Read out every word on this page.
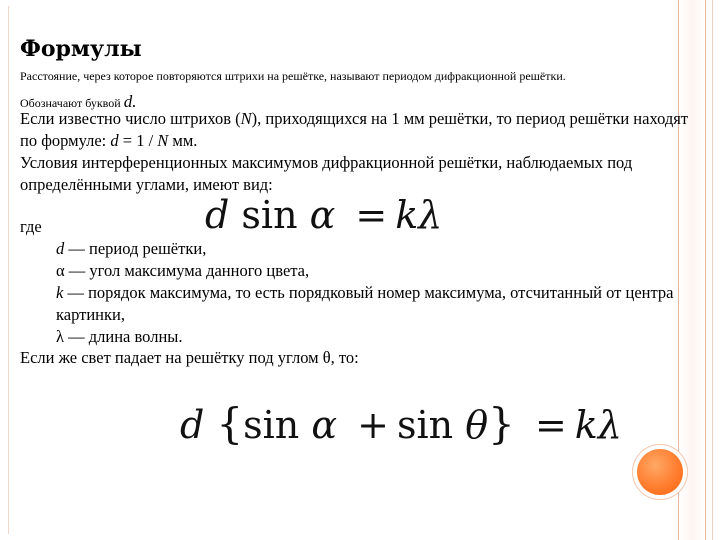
Формулы
Расстояние, через которое повторяются штрихи на решётке, называют периодом дифракционной решётки.
Обозначают буквой d.
Если известно число штрихов (N), приходящихся на 1 мм решётки, то период решётки находят по формуле: d = 1 / N мм.
Условия интерференционных максимумов дифракционной решётки, наблюдаемых под определёнными углами, имеют вид:
d sin α = kλ
где
d — период решётки,
α — угол максимума данного цвета,
k — порядок максимума, то есть порядковый номер максимума, отсчитанный от центра картинки,
λ — длина волны.
Если же свет падает на решётку под углом θ, то:
d {sin α + sin θ} = kλ
